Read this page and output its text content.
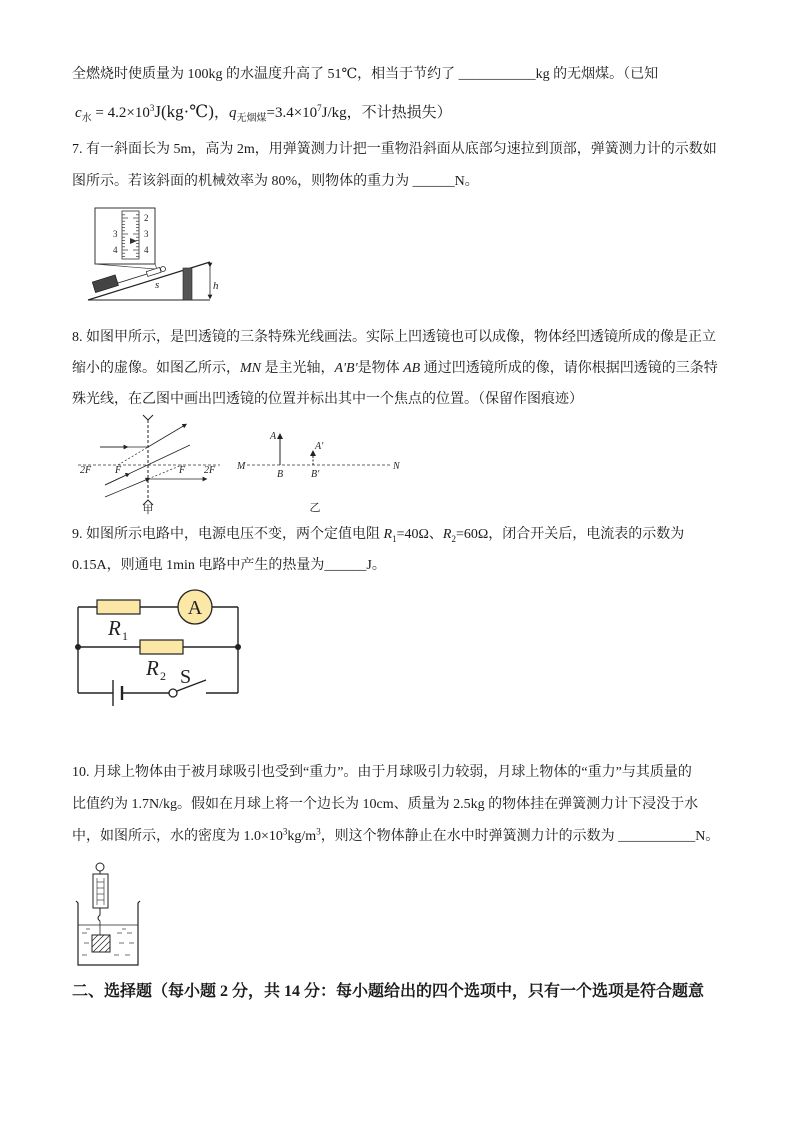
全燃烧时使质量为 100kg 的水温度升高了 51℃，相当于节约了 ___________kg 的无烟煤。（已知
$c_水$ = $4.2\times 10^3J(kg\cdot℃)$，$q_{无烟煤}=3.4\times 10^7J/kg$，不计热损失）
7. 有一斜面长为 5m，高为 2m，用弹簧测力计把一重物沿斜面从底部匀速拉到顶部，弹簧测力计的示数如
图所示。若该斜面的机械效率为 80%，则物体的重力为 ______N。
2
3
4
3
4
h
s
8. 如图甲所示，是凹透镜的三条特殊光线画法。实际上凹透镜也可以成像，物体经凹透镜所成的像是正立
缩小的虚像。如图乙所示，MN 是主光轴，A'B'是物体 AB 通过凹透镜所成的像，请你根据凹透镜的三条特
殊光线，在乙图中画出凹透镜的位置并标出其中一个焦点的位置。（保留作图痕迹）
2F F	F 2F
甲
M	N
A
B
A'
B'
乙
9. 如图所示电路中，电源电压不变，两个定值电阻 $R_1=40\Omega$、$R_2=60\Omega$，闭合开关后，电流表的示数为
0.15A，则通电 1min 电路中产生的热量为______J。
A
R 1
R 2 S
10. 月球上物体由于被月球吸引也受到“重力”。由于月球吸引力较弱，月球上物体的“重力”与其质量的
比值约为 1.7N/kg。假如在月球上将一个边长为 10cm、质量为 2.5kg 的物体挂在弹簧测力计下浸没于水
中，如图所示，水的密度为 $1.0\times 10^3kg/m^3$，则这个物体静止在水中时弹簧测力计的示数为 ___________N。
二、选择题（每小题 2 分，共 14 分：每小题给出的四个选项中，只有一个选项是符合题意
